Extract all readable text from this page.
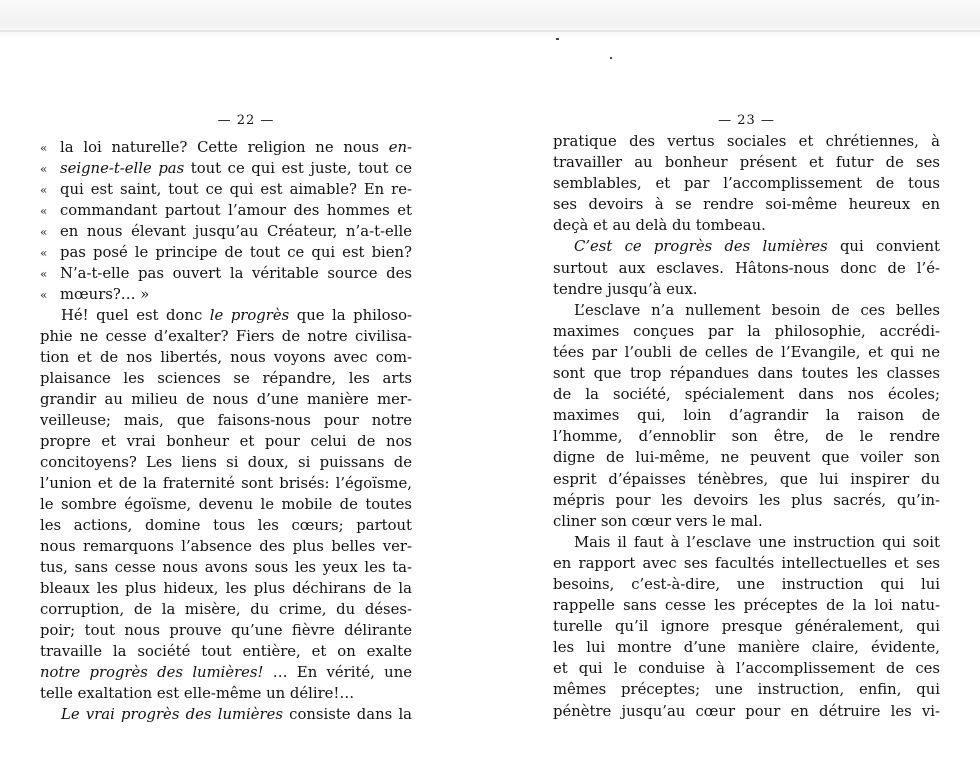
— 22 —
«la loi naturelle? Cette religion ne nous en-
«seigne-t-elle pas tout ce qui est juste, tout ce
«qui est saint, tout ce qui est aimable? En re-
«commandant partout l’amour des hommes et
«en nous élevant jusqu’au Créateur, n’a-t-elle
«pas posé le principe de tout ce qui est bien?
«N’a-t-elle pas ouvert la véritable source des
«mœurs?… »
Hé! quel est donc le progrès que la philoso-
phie ne cesse d’exalter? Fiers de notre civilisa-
tion et de nos libertés, nous voyons avec com-
plaisance les sciences se répandre, les arts
grandir au milieu de nous d’une manière mer-
veilleuse; mais, que faisons-nous pour notre
propre et vrai bonheur et pour celui de nos
concitoyens? Les liens si doux, si puissans de
l’union et de la fraternité sont brisés: l’égoïsme,
le sombre égoïsme, devenu le mobile de toutes
les actions, domine tous les cœurs; partout
nous remarquons l’absence des plus belles ver-
tus, sans cesse nous avons sous les yeux les ta-
bleaux les plus hideux, les plus déchirans de la
corruption, de la misère, du crime, du déses-
poir; tout nous prouve qu’une fièvre délirante
travaille la société tout entière, et on exalte
notre progrès des lumières! … En vérité, une
telle exaltation est elle-même un délire!…
Le vrai progrès des lumières consiste dans la
— 23 —
pratique des vertus sociales et chrétiennes, à
travailler au bonheur présent et futur de ses
semblables, et par l’accomplissement de tous
ses devoirs à se rendre soi-même heureux en
deçà et au delà du tombeau.
C’est ce progrès des lumières qui convient
surtout aux esclaves. Hâtons-nous donc de l’é-
tendre jusqu’à eux.
L’esclave n’a nullement besoin de ces belles
maximes conçues par la philosophie, accrédi-
tées par l’oubli de celles de l’Evangile, et qui ne
sont que trop répandues dans toutes les classes
de la société, spécialement dans nos écoles;
maximes qui, loin d’agrandir la raison de
l’homme, d’ennoblir son être, de le rendre
digne de lui-même, ne peuvent que voiler son
esprit d’épaisses ténèbres, que lui inspirer du
mépris pour les devoirs les plus sacrés, qu’in-
cliner son cœur vers le mal.
Mais il faut à l’esclave une instruction qui soit
en rapport avec ses facultés intellectuelles et ses
besoins, c’est-à-dire, une instruction qui lui
rappelle sans cesse les préceptes de la loi natu-
turelle qu’il ignore presque généralement, qui
les lui montre d’une manière claire, évidente,
et qui le conduise à l’accomplissement de ces
mêmes préceptes; une instruction, enfin, qui
pénètre jusqu’au cœur pour en détruire les vi-
